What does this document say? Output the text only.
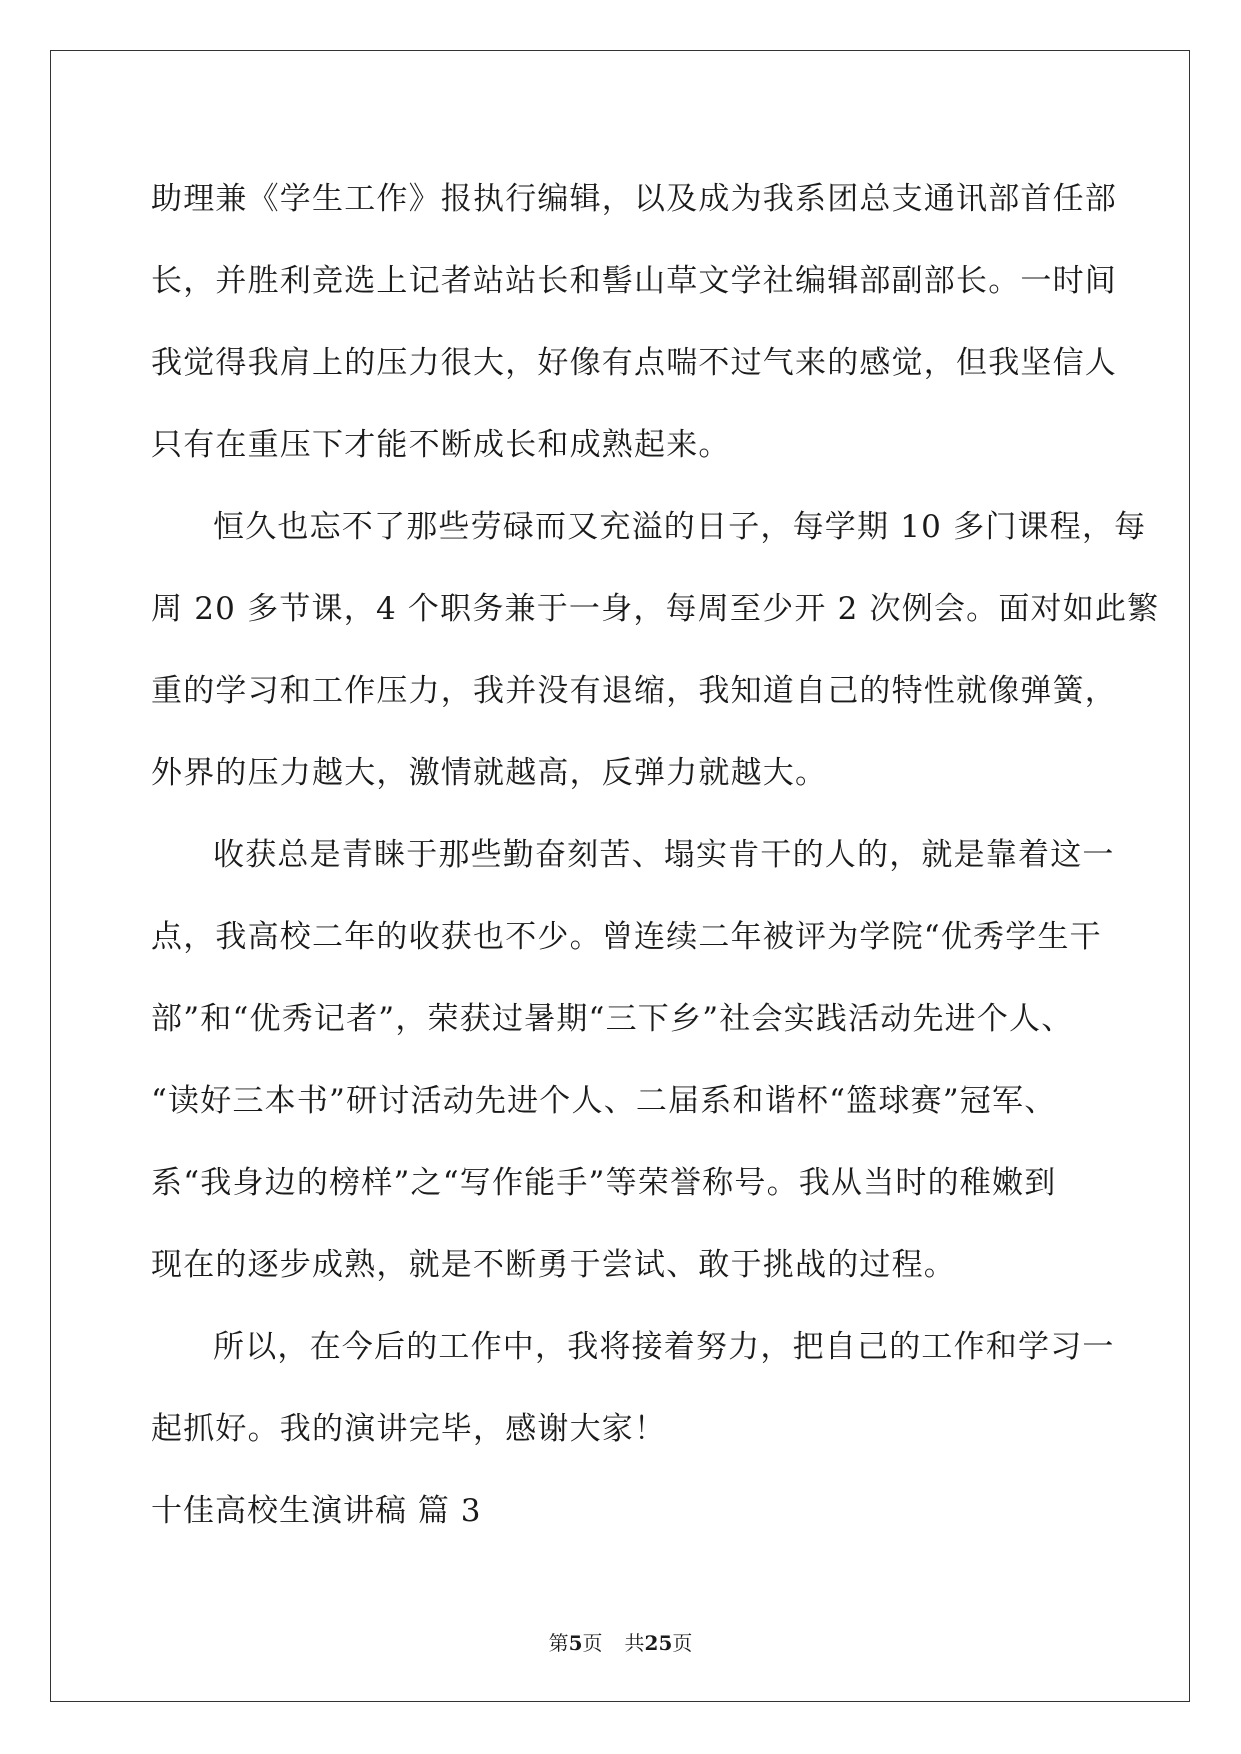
助理兼《学生工作》报执行编辑，以及成为我系团总支通讯部首任部
长，并胜利竞选上记者站站长和髻山草文学社编辑部副部长。一时间
我觉得我肩上的压力很大，好像有点喘不过气来的感觉，但我坚信人
只有在重压下才能不断成长和成熟起来。
恒久也忘不了那些劳碌而又充溢的日子，每学期 10 多门课程，每
周 20 多节课，4 个职务兼于一身，每周至少开 2 次例会。面对如此繁
重的学习和工作压力，我并没有退缩，我知道自己的特性就像弹簧，
外界的压力越大，激情就越高，反弹力就越大。
收获总是青睐于那些勤奋刻苦、塌实肯干的人的，就是靠着这一
点，我高校二年的收获也不少。曾连续二年被评为学院“优秀学生干
部”和“优秀记者”，荣获过暑期“三下乡”社会实践活动先进个人、
“读好三本书”研讨活动先进个人、二届系和谐杯“篮球赛”冠军、
系“我身边的榜样”之“写作能手”等荣誉称号。我从当时的稚嫩到
现在的逐步成熟，就是不断勇于尝试、敢于挑战的过程。
所以，在今后的工作中，我将接着努力，把自己的工作和学习一
起抓好。我的演讲完毕，感谢大家！
十佳高校生演讲稿 篇 3
第5页 共25页
